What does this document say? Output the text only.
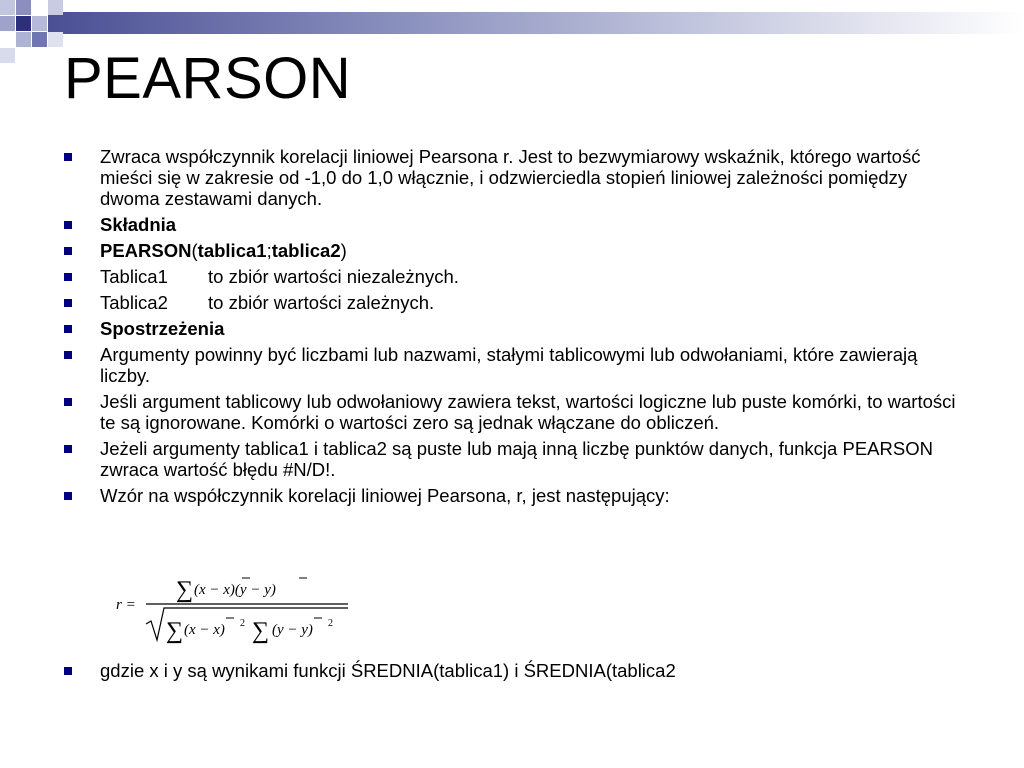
PEARSON
Zwraca współczynnik korelacji liniowej Pearsona r. Jest to bezwymiarowy wskaźnik, którego wartość mieści się w zakresie od -1,0 do 1,0 włącznie, i odzwierciedla stopień liniowej zależności pomiędzy dwoma zestawami danych.
Składnia
PEARSON(tablica1;tablica2)
Tablica1 to zbiór wartości niezależnych.
Tablica2 to zbiór wartości zależnych.
Spostrzeżenia
Argumenty powinny być liczbami lub nazwami, stałymi tablicowymi lub odwołaniami, które zawierają liczby.
Jeśli argument tablicowy lub odwołaniowy zawiera tekst, wartości logiczne lub puste komórki, to wartości te są ignorowane. Komórki o wartości zero są jednak włączane do obliczeń.
Jeżeli argumenty tablica1 i tablica2 są puste lub mają inną liczbę punktów danych, funkcja PEARSON zwraca wartość błędu #N/D!.
Wzór na współczynnik korelacji liniowej Pearsona, r, jest następujący:
r =
∑ (x − x)(y − y)
∑ (x − x) 2 ∑ (y − y) 2
gdzie x i y są wynikami funkcji ŚREDNIA(tablica1) i ŚREDNIA(tablica2
